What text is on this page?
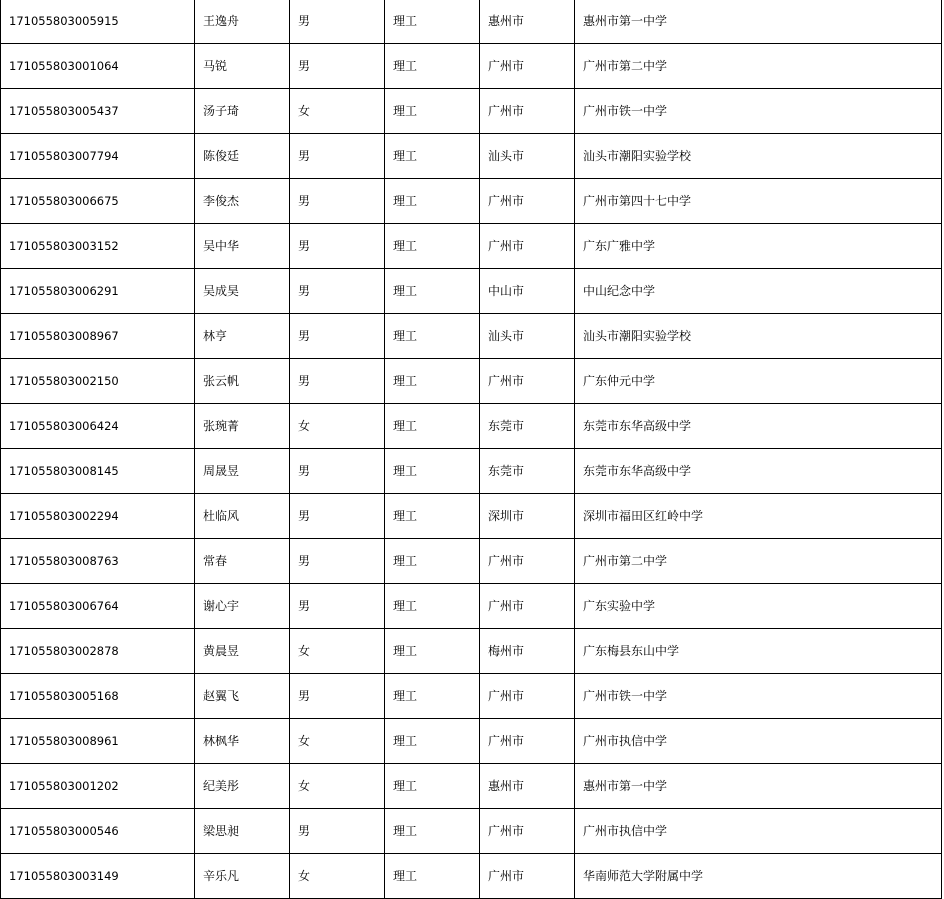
171055803005915	王逸舟	男	理工	惠州市	惠州市第一中学
171055803001064	马锐	男	理工	广州市	广州市第二中学
171055803005437	汤子琦	女	理工	广州市	广州市铁一中学
171055803007794	陈俊廷	男	理工	汕头市	汕头市潮阳实验学校
171055803006675	李俊杰	男	理工	广州市	广州市第四十七中学
171055803003152	吴中华	男	理工	广州市	广东广雅中学
171055803006291	吴成昊	男	理工	中山市	中山纪念中学
171055803008967	林亨	男	理工	汕头市	汕头市潮阳实验学校
171055803002150	张云帆	男	理工	广州市	广东仲元中学
171055803006424	张琬菁	女	理工	东莞市	东莞市东华高级中学
171055803008145	周晟昱	男	理工	东莞市	东莞市东华高级中学
171055803002294	杜临风	男	理工	深圳市	深圳市福田区红岭中学
171055803008763	常春	男	理工	广州市	广州市第二中学
171055803006764	谢心宇	男	理工	广州市	广东实验中学
171055803002878	黄晨昱	女	理工	梅州市	广东梅县东山中学
171055803005168	赵翼飞	男	理工	广州市	广州市铁一中学
171055803008961	林枫华	女	理工	广州市	广州市执信中学
171055803001202	纪美彤	女	理工	惠州市	惠州市第一中学
171055803000546	梁思昶	男	理工	广州市	广州市执信中学
171055803003149	辛乐凡	女	理工	广州市	华南师范大学附属中学
